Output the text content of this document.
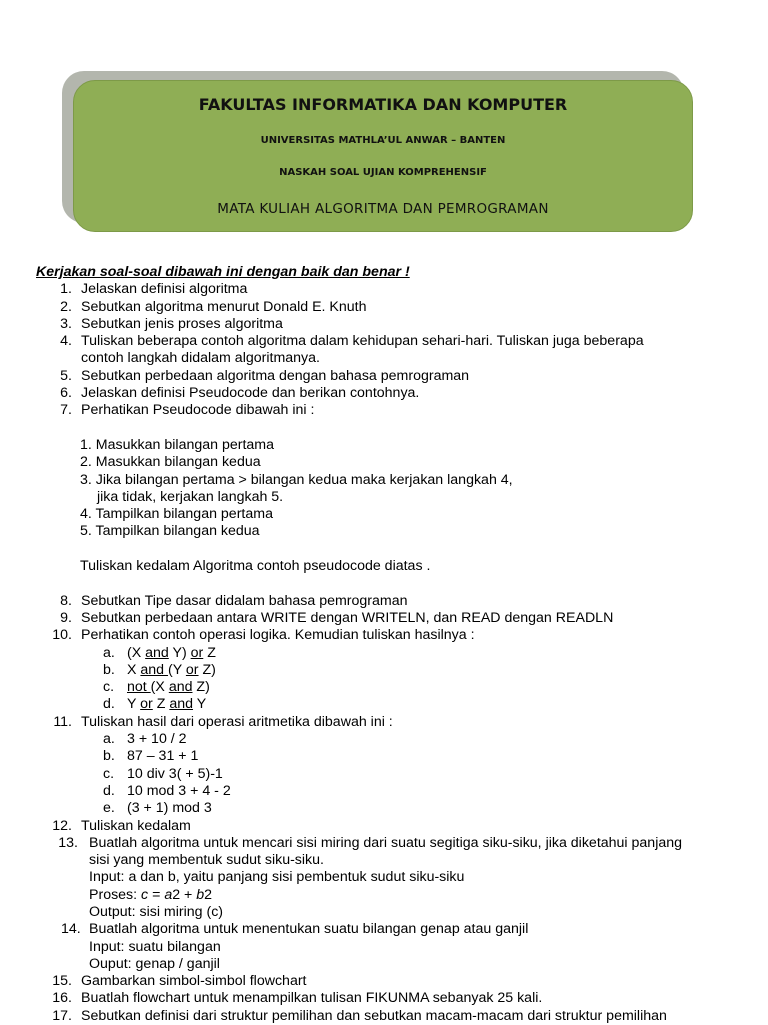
FAKULTAS INFORMATIKA DAN KOMPUTER
UNIVERSITAS MATHLA’UL ANWAR – BANTEN
NASKAH SOAL UJIAN KOMPREHENSIF
MATA KULIAH ALGORITMA DAN PEMROGRAMAN
Kerjakan soal-soal dibawah ini dengan baik dan benar !
1. Jelaskan definisi algoritma
2. Sebutkan algoritma menurut Donald E. Knuth
3. Sebutkan jenis proses algoritma
4. Tuliskan beberapa contoh algoritma dalam kehidupan sehari-hari. Tuliskan juga beberapa
contoh langkah didalam algoritmanya.
5. Sebutkan perbedaan algoritma dengan bahasa pemrograman
6. Jelaskan definisi Pseudocode dan berikan contohnya.
7. Perhatikan Pseudocode dibawah ini :
1. Masukkan bilangan pertama
2. Masukkan bilangan kedua
3. Jika bilangan pertama > bilangan kedua maka kerjakan langkah 4,
jika tidak, kerjakan langkah 5.
4. Tampilkan bilangan pertama
5. Tampilkan bilangan kedua
Tuliskan kedalam Algoritma contoh pseudocode diatas .
8. Sebutkan Tipe dasar didalam bahasa pemrograman
9. Sebutkan perbedaan antara WRITE dengan WRITELN, dan READ dengan READLN
10. Perhatikan contoh operasi logika. Kemudian tuliskan hasilnya :
a. (X and Y) or Z
b. X and (Y or Z)
c. not (X and Z)
d. Y or Z and Y
11. Tuliskan hasil dari operasi aritmetika dibawah ini :
a. 3 + 10 / 2
b. 87 – 31 + 1
c. 10 div 3( + 5)-1
d. 10 mod 3 + 4 - 2
e. (3 + 1) mod 3
12. Tuliskan kedalam
13. Buatlah algoritma untuk mencari sisi miring dari suatu segitiga siku-siku, jika diketahui panjang
sisi yang membentuk sudut siku-siku.
Input: a dan b, yaitu panjang sisi pembentuk sudut siku-siku
Proses: c = a2 + b2
Output: sisi miring (c)
14. Buatlah algoritma untuk menentukan suatu bilangan genap atau ganjil
Input: suatu bilangan
Ouput: genap / ganjil
15. Gambarkan simbol-simbol flowchart
16. Buatlah flowchart untuk menampilkan tulisan FIKUNMA sebanyak 25 kali.
17. Sebutkan definisi dari struktur pemilihan dan sebutkan macam-macam dari struktur pemilihan
